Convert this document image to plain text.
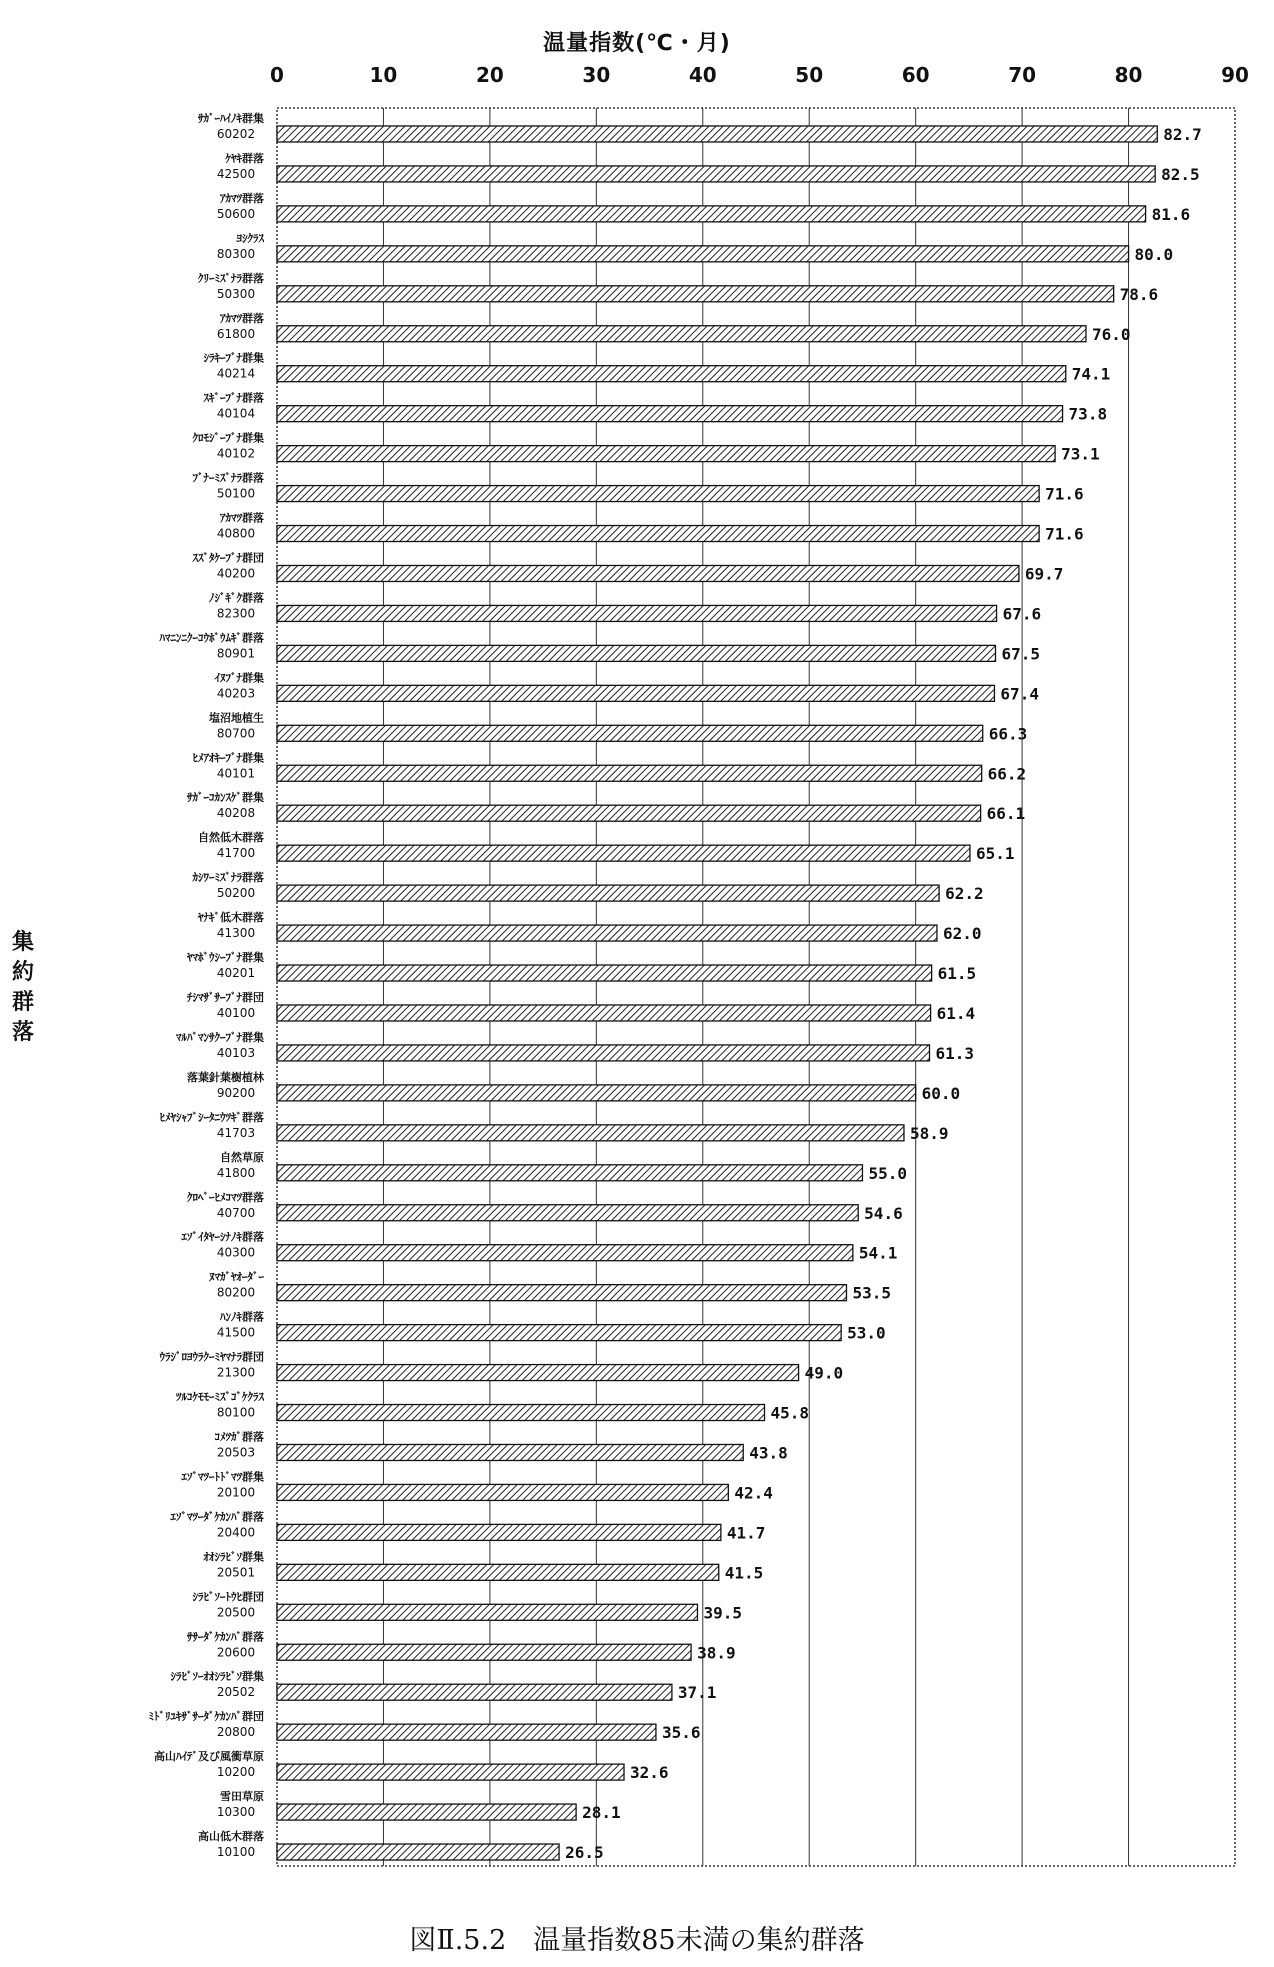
温量指数(℃・月)
集
約
群
落
0	10	20	30	40	50	60	70	80	90
82.7
ｻｶﾞｰﾊｲﾉｷ群集
60202
82.5
ｹﾔｷ群落
42500
81.6
ｱｶﾏﾂ群落
50600
80.0
ﾖｼｸﾗｽ
80300
78.6
ｸﾘｰﾐｽﾞﾅﾗ群落
50300
76.0
ｱｶﾏﾂ群落
61800
74.1
ｼﾗｷｰﾌﾞﾅ群集
40214
73.8
ｽｷﾞｰﾌﾞﾅ群落
40104
73.1
ｸﾛﾓｼﾞｰﾌﾞﾅ群集
40102
71.6
ﾌﾞﾅｰﾐｽﾞﾅﾗ群落
50100
71.6
ｱｶﾏﾂ群落
40800
69.7
ｽｽﾞﾀｹｰﾌﾞﾅ群団
40200
67.6
ﾉｼﾞｷﾞｸ群落
82300
67.5
ﾊﾏﾆﾝﾆｸｰｺｳﾎﾞｳﾑｷﾞ群落
80901
67.4
ｲﾇﾌﾞﾅ群集
40203
66.3
塩沼地植生
80700
66.2
ﾋﾒｱｵｷｰﾌﾞﾅ群集
40101
66.1
ｻｶﾞｰｺｶﾝｽｹﾞ群集
40208
65.1
自然低木群落
41700
62.2
ｶｼﾜｰﾐｽﾞﾅﾗ群落
50200
62.0
ﾔﾅｷﾞ低木群落
41300
61.5
ﾔﾏﾎﾞｳｼｰﾌﾞﾅ群集
40201
61.4
ﾁｼﾏｻﾞｻｰﾌﾞﾅ群団
40100
61.3
ﾏﾙﾊﾞﾏﾝｻｸｰﾌﾞﾅ群集
40103
60.0
落葉針葉樹植林
90200
58.9
ﾋﾒﾔｼｬﾌﾞｼｰﾀﾆｳﾂｷﾞ群落
41703
55.0
自然草原
41800
54.6
ｸﾛﾍﾞｰﾋﾒｺﾏﾂ群落
40700
54.1
ｴｿﾞｲﾀﾔｰｼﾅﾉｷ群落
40300
53.5
ﾇﾏｶﾞﾔｵｰﾀﾞｰ
80200
53.0
ﾊﾝﾉｷ群落
41500
49.0
ｳﾗｼﾞﾛﾖｳﾗｸｰﾐﾔﾏﾅﾗ群団
21300
45.8
ﾂﾙｺｹﾓﾓｰﾐｽﾞｺﾞｹｸﾗｽ
80100
43.8
ｺﾒﾂｶﾞ群落
20503
42.4
ｴｿﾞﾏﾂｰﾄﾄﾞﾏﾂ群集
20100
41.7
ｴｿﾞﾏﾂｰﾀﾞｹｶﾝﾊﾞ群落
20400
41.5
ｵｵｼﾗﾋﾞｿ群集
20501
39.5
ｼﾗﾋﾞｿｰﾄｳﾋ群団
20500
38.9
ｻｻｰﾀﾞｹｶﾝﾊﾞ群落
20600
37.1
ｼﾗﾋﾞｿｰｵｵｼﾗﾋﾞｿ群集
20502
35.6
ﾐﾄﾞﾘﾕｷｻﾞｻｰﾀﾞｹｶﾝﾊﾞ群団
20800
32.6
高山ﾊｲﾃﾞ及び風衝草原
10200
28.1
雪田草原
10300
26.5
高山低木群落
10100
図Ⅱ.5.2　温量指数85未満の集約群落
